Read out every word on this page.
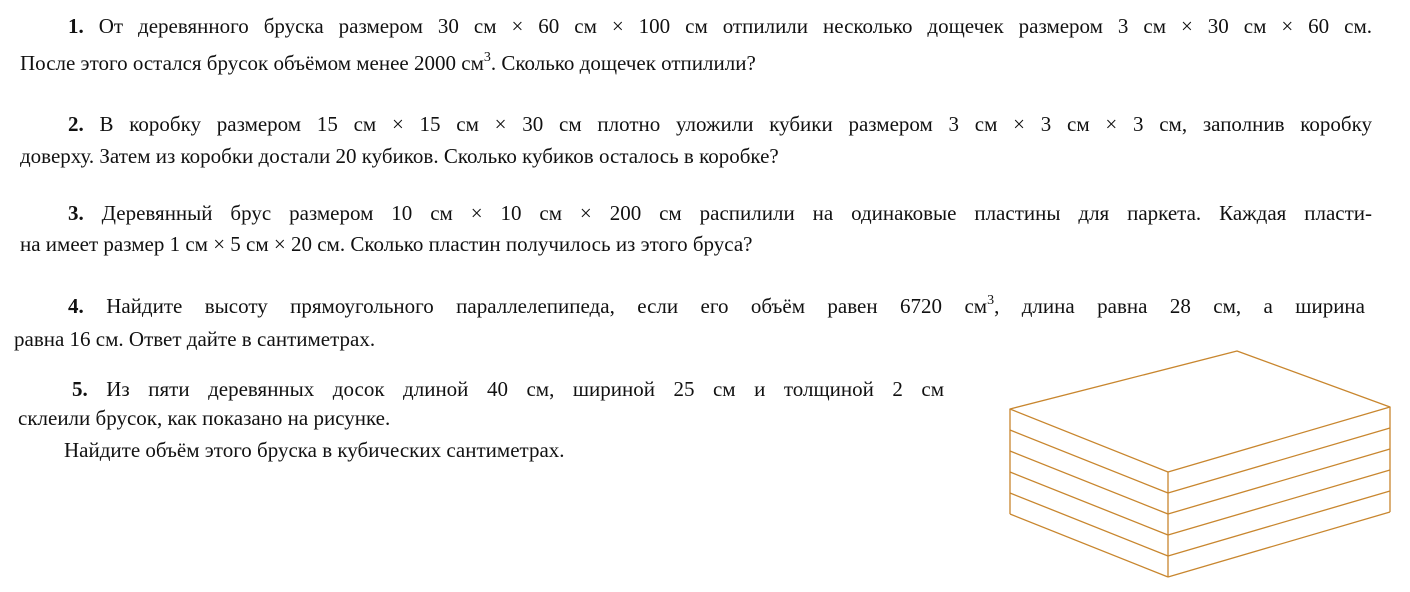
1. От деревянного бруска размером 30 см × 60 см × 100 см отпилили несколько дощечек размером 3 см × 30 см × 60 см.
После этого остался брусок объёмом менее 2000 $см^3$. Сколько дощечек отпилили?
2. В коробку размером 15 см × 15 см × 30 см плотно уложили кубики размером 3 см × 3 см × 3 см, заполнив коробку
доверху. Затем из коробки достали 20 кубиков. Сколько кубиков осталось в коробке?
3. Деревянный брус размером 10 см × 10 см × 200 см распилили на одинаковые пластины для паркета. Каждая пласти-
на имеет размер 1 см × 5 см × 20 см. Сколько пластин получилось из этого бруса?
4. Найдите высоту прямоугольного параллелепипеда, если его объём равен 6720 $см^3$, длина равна 28 см, а ширина
равна 16 см. Ответ дайте в сантиметрах.
5. Из пяти деревянных досок длиной 40 см, шириной 25 см и толщиной 2 см
склеили брусок, как показано на рисунке.
Найдите объём этого бруска в кубических сантиметрах.
